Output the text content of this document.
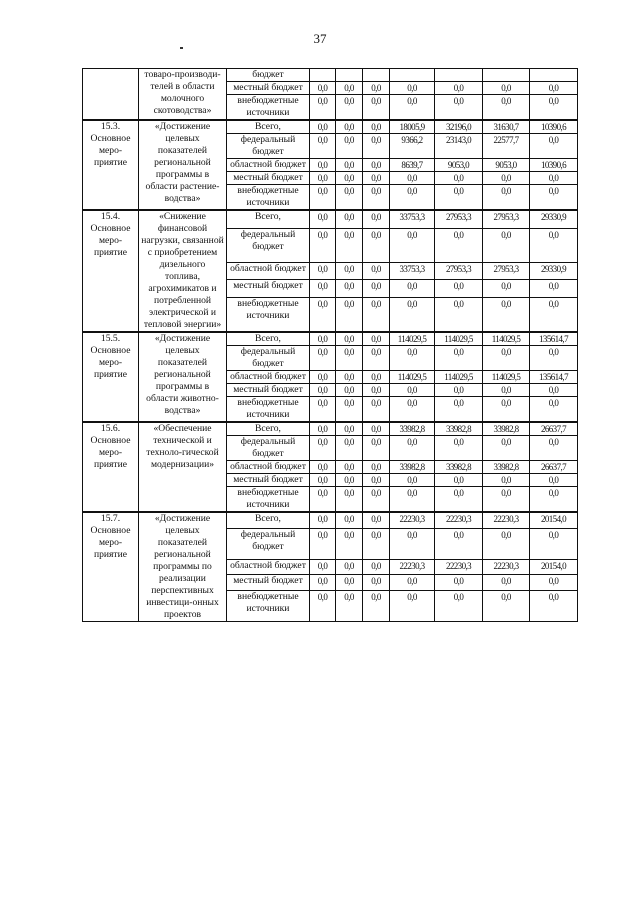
37
	товаро-производи-телей в области молочного скотоводства»	бюджет							
		местный бюджет	0,0	0,0	0,0	0,0	0,0	0,0	0,0
		внебюджетные источники	0,0	0,0	0,0	0,0	0,0	0,0	0,0
15.3. Основное меро-приятие	«Достижение целевых показателей региональной программы в области растение-водства»	Всего,	0,0	0,0	0,0	18005,9	32196,0	31630,7	10390,6
		федеральный бюджет	0,0	0,0	0,0	9366,2	23143,0	22577,7	0,0
		областной бюджет	0,0	0,0	0,0	8639,7	9053,0	9053,0	10390,6
		местный бюджет	0,0	0,0	0,0	0,0	0,0	0,0	0,0
		внебюджетные источники	0,0	0,0	0,0	0,0	0,0	0,0	0,0
15.4. Основное меро-приятие	«Снижение финансовой нагрузки, связанной с приобретением дизельного топлива, агрохимикатов и потребленной электрической и тепловой энергии»	Всего,	0,0	0,0	0,0	33753,3	27953,3	27953,3	29330,9
		федеральный бюджет	0,0	0,0	0,0	0,0	0,0	0,0	0,0
		областной бюджет	0,0	0,0	0,0	33753,3	27953,3	27953,3	29330,9
		местный бюджет	0,0	0,0	0,0	0,0	0,0	0,0	0,0
		внебюджетные источники	0,0	0,0	0,0	0,0	0,0	0,0	0,0
15.5. Основное меро-приятие	«Достижение целевых показателей региональной программы в области животно-водства»	Всего,	0,0	0,0	0,0	114029,5	114029,5	114029,5	135614,7
		федеральный бюджет	0,0	0,0	0,0	0,0	0,0	0,0	0,0
		областной бюджет	0,0	0,0	0,0	114029,5	114029,5	114029,5	135614,7
		местный бюджет	0,0	0,0	0,0	0,0	0,0	0,0	0,0
		внебюджетные источники	0,0	0,0	0,0	0,0	0,0	0,0	0,0
15.6. Основное меро-приятие	«Обеспечение технической и техноло-гической модернизации»	Всего,	0,0	0,0	0,0	33982,8	33982,8	33982,8	26637,7
		федеральный бюджет	0,0	0,0	0,0	0,0	0,0	0,0	0,0
		областной бюджет	0,0	0,0	0,0	33982,8	33982,8	33982,8	26637,7
		местный бюджет	0,0	0,0	0,0	0,0	0,0	0,0	0,0
		внебюджетные источники	0,0	0,0	0,0	0,0	0,0	0,0	0,0
15.7. Основное меро-приятие	«Достижение целевых показателей региональной программы по реализации перспективных инвестици-онных проектов	Всего,	0,0	0,0	0,0	22230,3	22230,3	22230,3	20154,0
		федеральный бюджет	0,0	0,0	0,0	0,0	0,0	0,0	0,0
		областной бюджет	0,0	0,0	0,0	22230,3	22230,3	22230,3	20154,0
		местный бюджет	0,0	0,0	0,0	0,0	0,0	0,0	0,0
		внебюджетные источники	0,0	0,0	0,0	0,0	0,0	0,0	0,0
